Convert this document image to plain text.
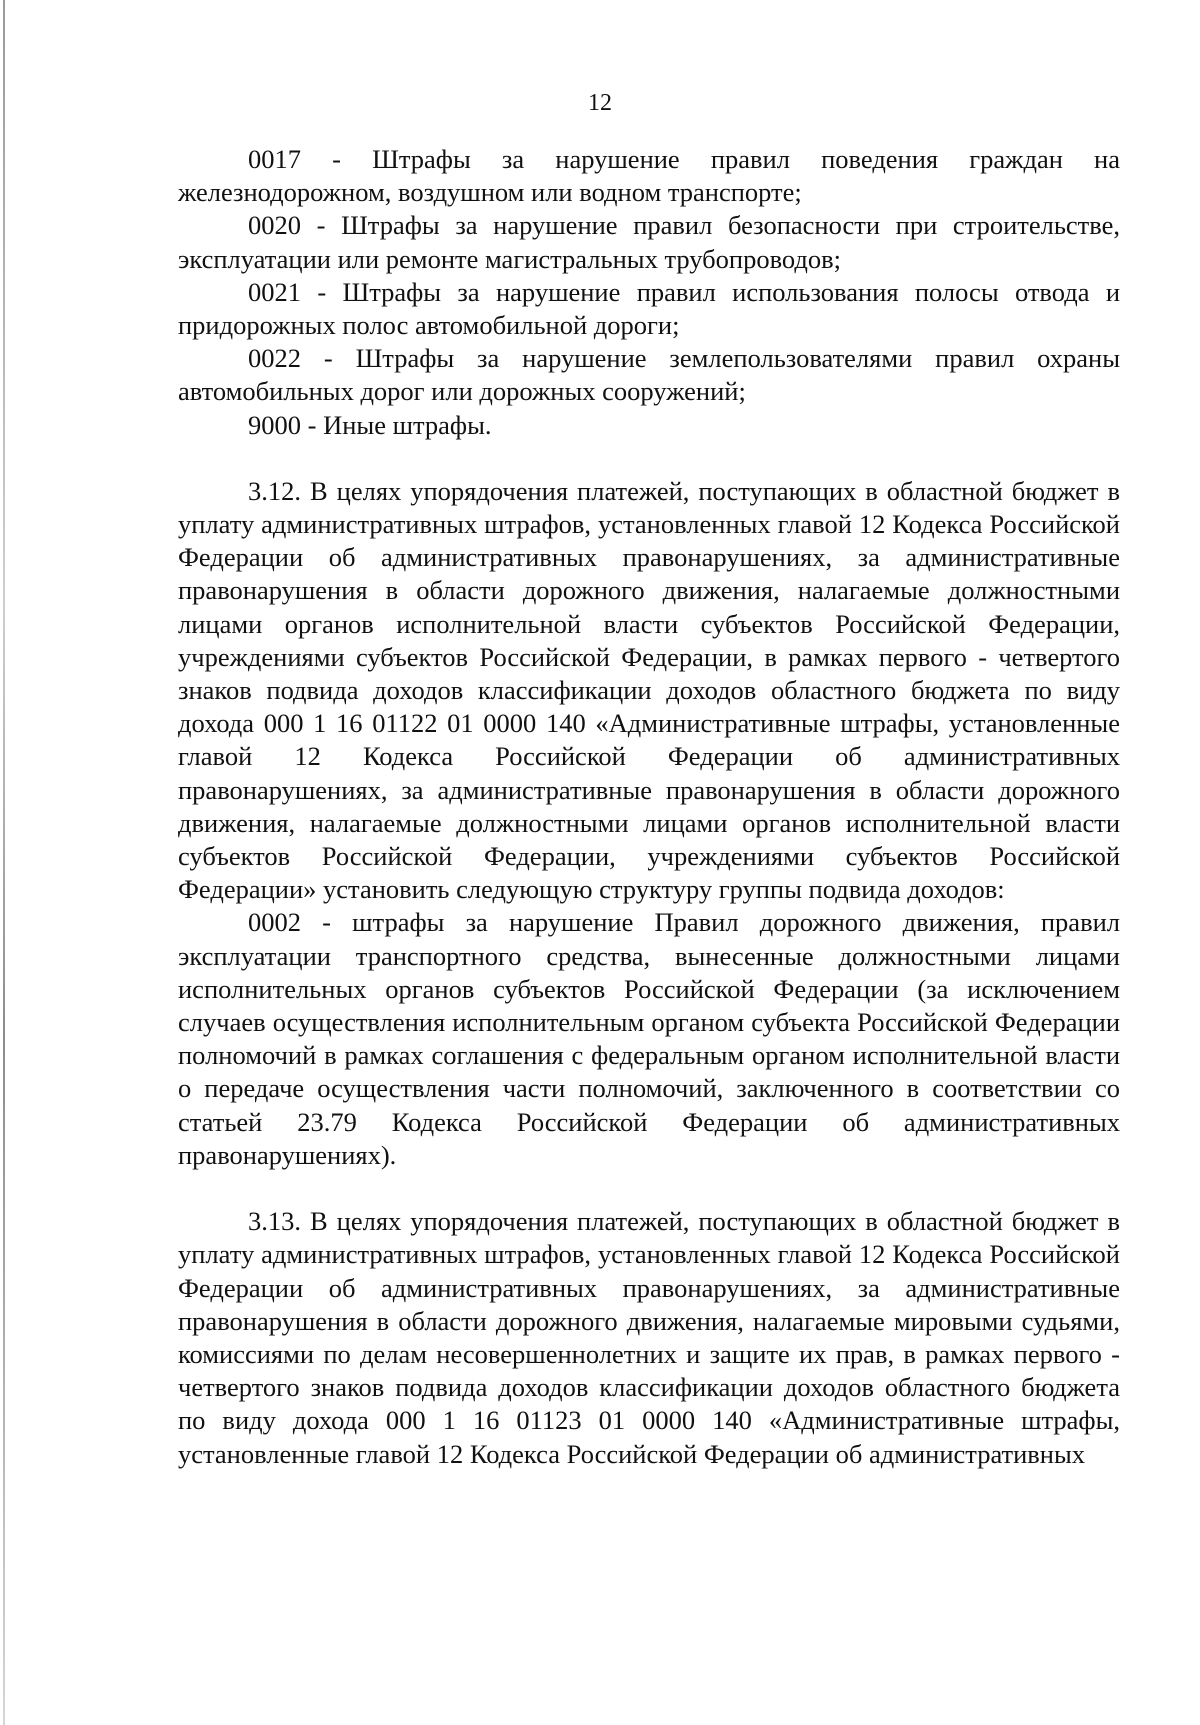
12

0017 - Штрафы за нарушение правил поведения граждан на железнодорожном, воздушном или водном транспорте;

0020 - Штрафы за нарушение правил безопасности при строительстве, эксплуатации или ремонте магистральных трубопроводов;

0021 - Штрафы за нарушение правил использования полосы отвода и придорожных полос автомобильной дороги;

0022 - Штрафы за нарушение землепользователями правил охраны автомобильных дорог или дорожных сооружений;

9000 - Иные штрафы.

3.12. В целях упорядочения платежей, поступающих в областной бюджет в уплату административных штрафов, установленных главой 12 Кодекса Российской Федерации об административных правонарушениях, за административные правонарушения в области дорожного движения, налагаемые должностными лицами органов исполнительной власти субъектов Российской Федерации, учреждениями субъектов Российской Федерации, в рамках первого - четвертого знаков подвида доходов классификации доходов областного бюджета по виду дохода 000 1 16 01122 01 0000 140 «Административные штрафы, установленные главой 12 Кодекса Российской Федерации об административных правонарушениях, за административные правонарушения в области дорожного движения, налагаемые должностными лицами органов исполнительной власти субъектов Российской Федерации, учреждениями субъектов Российской Федерации» установить следующую структуру группы подвида доходов:

0002 - штрафы за нарушение Правил дорожного движения, правил эксплуатации транспортного средства, вынесенные должностными лицами исполнительных органов субъектов Российской Федерации (за исключением случаев осуществления исполнительным органом субъекта Российской Федерации полномочий в рамках соглашения с федеральным органом исполнительной власти о передаче осуществления части полномочий, заключенного в соответствии со статьей 23.79 Кодекса Российской Федерации об административных правонарушениях).

3.13. В целях упорядочения платежей, поступающих в областной бюджет в уплату административных штрафов, установленных главой 12 Кодекса Российской Федерации об административных правонарушениях, за административные правонарушения в области дорожного движения, налагаемые мировыми судьями, комиссиями по делам несовершеннолетних и защите их прав, в рамках первого - четвертого знаков подвида доходов классификации доходов областного бюджета по виду дохода 000 1 16 01123 01 0000 140 «Административные штрафы, установленные главой 12 Кодекса Российской Федерации об административных
